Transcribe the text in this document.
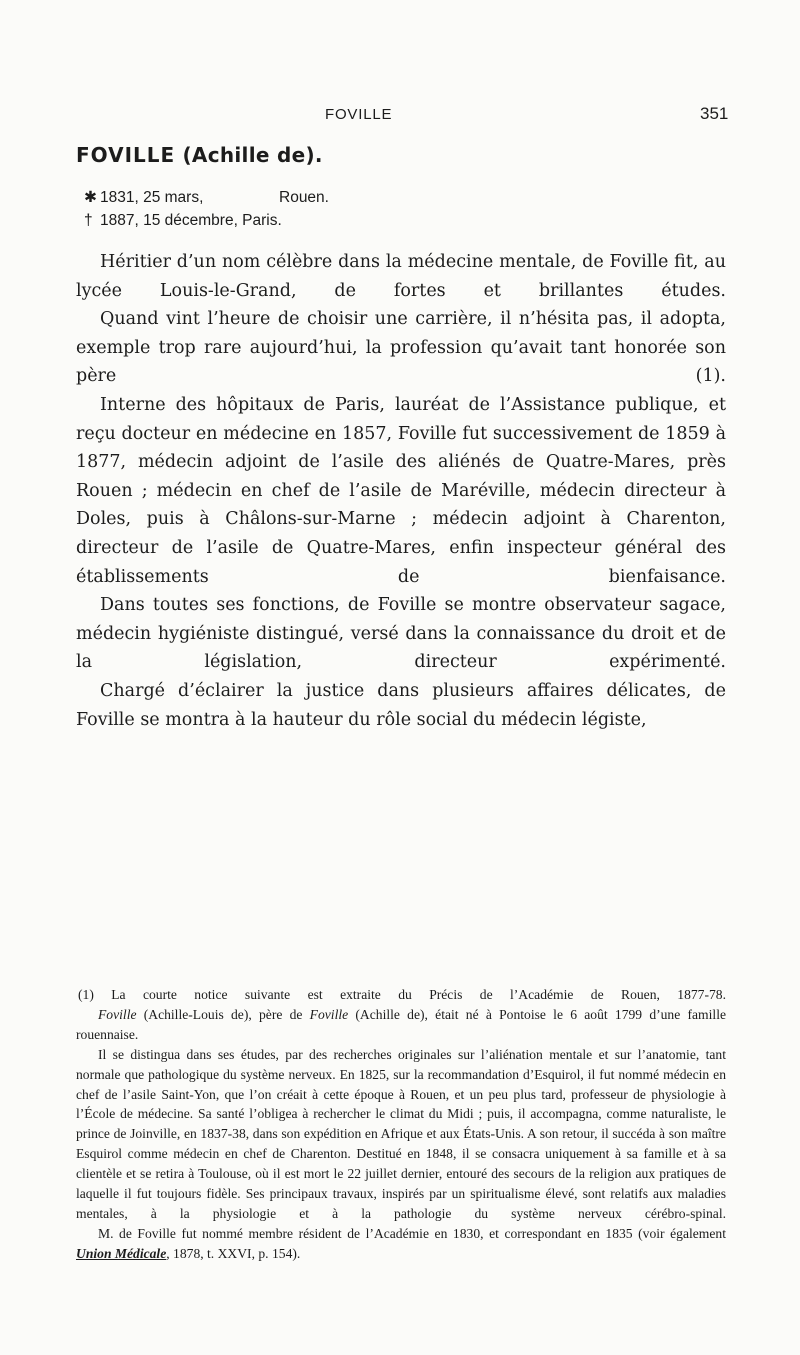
FOVILLE	351
FOVILLE (Achille de).
✱ 1831, 25 mars,	Rouen.
† 1887, 15 décembre, Paris.

Héritier d’un nom célèbre dans la médecine mentale, de Foville fit, au lycée Louis-le-Grand, de fortes et brillantes études.

Quand vint l’heure de choisir une carrière, il n’hésita pas, il adopta, exemple trop rare aujourd’hui, la profession qu’avait tant honorée son père (1).

Interne des hôpitaux de Paris, lauréat de l’Assistance publique, et reçu docteur en médecine en 1857, Foville fut successivement de 1859 à 1877, médecin adjoint de l’asile des aliénés de Quatre-Mares, près Rouen ; médecin en chef de l’asile de Maréville, médecin directeur à Doles, puis à Châlons-sur-Marne ; médecin adjoint à Charenton, directeur de l’asile de Quatre-Mares, enfin inspecteur général des établissements de bienfaisance.

Dans toutes ses fonctions, de Foville se montre observateur sagace, médecin hygiéniste distingué, versé dans la connaissance du droit et de la législation, directeur expérimenté.

Chargé d’éclairer la justice dans plusieurs affaires délicates, de Foville se montra à la hauteur du rôle social du médecin légiste,

(1) La courte notice suivante est extraite du Précis de l’Académie de Rouen, 1877-78.

Foville (Achille-Louis de), père de Foville (Achille de), était né à Pontoise le 6 août 1799 d’une famille rouennaise.

Il se distingua dans ses études, par des recherches originales sur l’aliénation mentale et sur l’anatomie, tant normale que pathologique du système nerveux. En 1825, sur la recommandation d’Esquirol, il fut nommé médecin en chef de l’asile Saint-Yon, que l’on créait à cette époque à Rouen, et un peu plus tard, professeur de physiologie à l’École de médecine. Sa santé l’obligea à rechercher le climat du Midi ; puis, il accompagna, comme naturaliste, le prince de Joinville, en 1837-38, dans son expédition en Afrique et aux États-Unis. A son retour, il succéda à son maître Esquirol comme médecin en chef de Charenton. Destitué en 1848, il se consacra uniquement à sa famille et à sa clientèle et se retira à Toulouse, où il est mort le 22 juillet dernier, entouré des secours de la religion aux pratiques de laquelle il fut toujours fidèle. Ses principaux travaux, inspirés par un spiritualisme élevé, sont relatifs aux maladies mentales, à la physiologie et à la pathologie du système nerveux cérébro-spinal.

M. de Foville fut nommé membre résident de l’Académie en 1830, et correspondant en 1835 (voir également Union Médicale, 1878, t. XXVI, p. 154).
